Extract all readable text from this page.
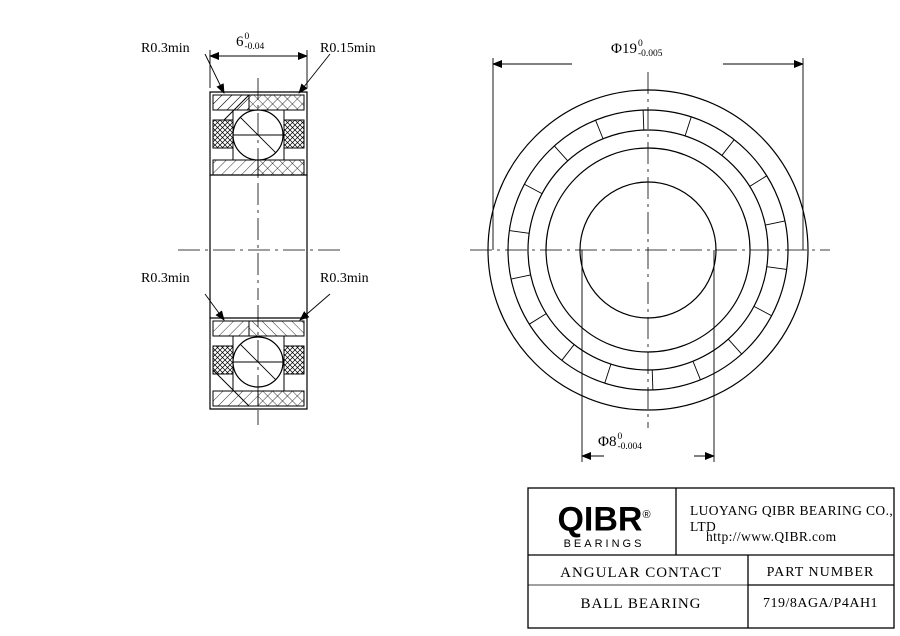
R0.3min	R0.15min
R0.3min	R0.3min
6 0
-0.04	Φ19 0
-0.005
Φ8 0
-0.004
QIBR®
BEARINGS
LUOYANG QIBR BEARING CO., LTD
http://www.QIBR.com
ANGULAR CONTACT
BALL BEARING
PART NUMBER
719/8AGA/P4AH1
